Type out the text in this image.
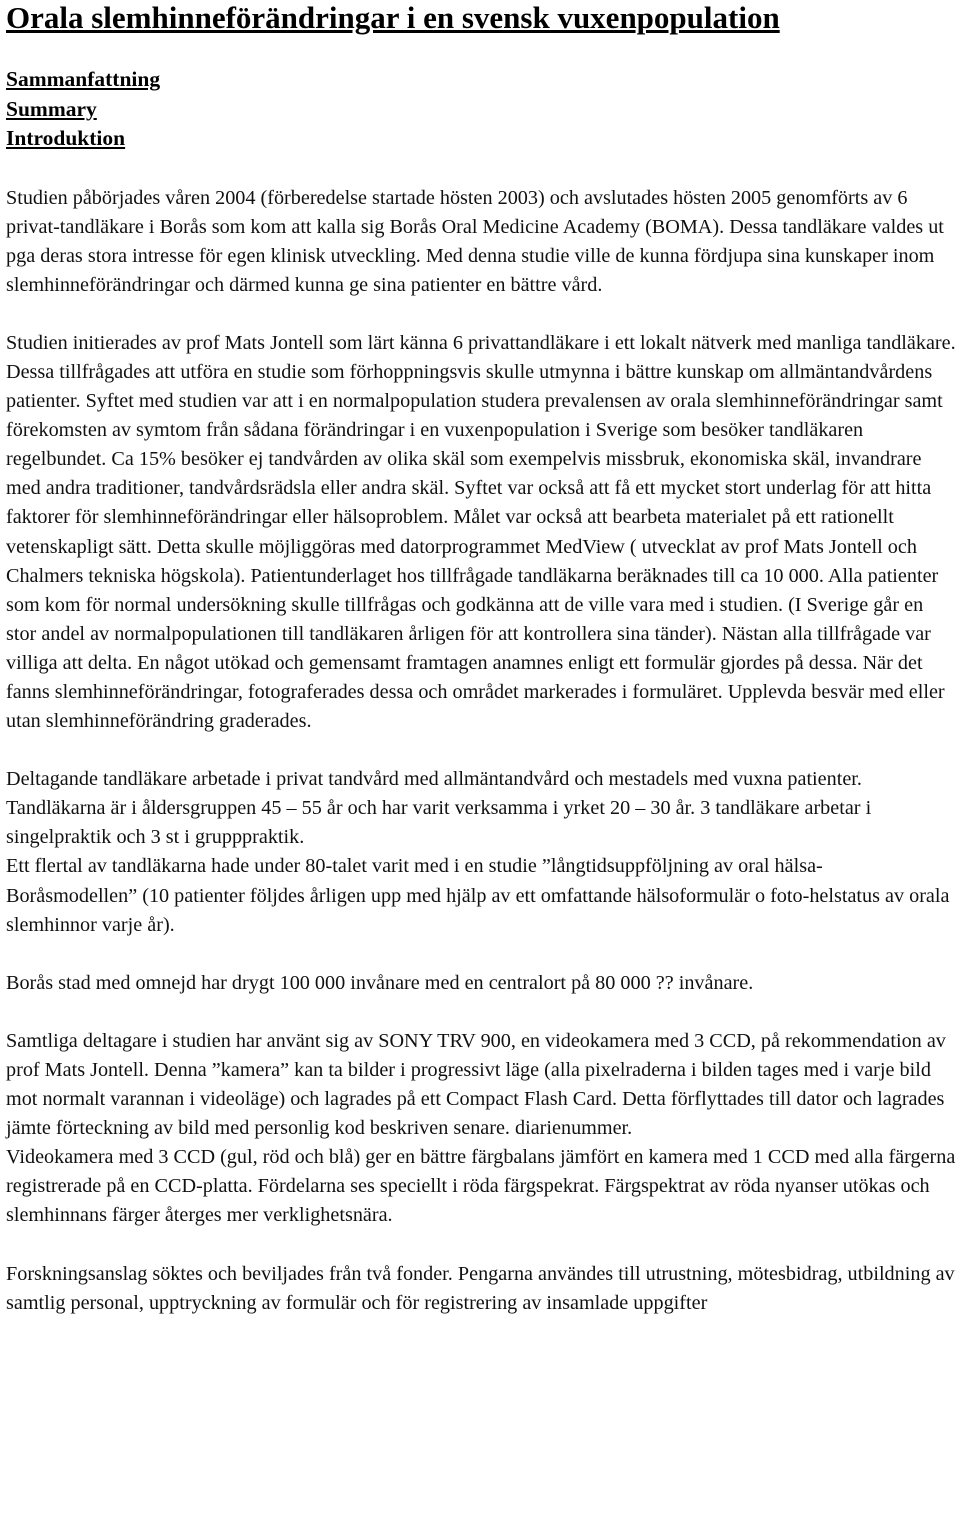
Orala slemhinneförändringar i en svensk vuxenpopulation
Sammanfattning
Summary
Introduktion

Studien påbörjades våren 2004 (förberedelse startade hösten 2003) och avslutades hösten 2005 genomförts av 6 privat-tandläkare i Borås som kom att kalla sig Borås Oral Medicine Academy (BOMA). Dessa tandläkare valdes ut pga deras stora intresse för egen klinisk utveckling. Med denna studie ville de kunna fördjupa sina kunskaper inom slemhinneförändringar och därmed kunna ge sina patienter en bättre vård.

Studien initierades av prof Mats Jontell som lärt känna 6 privattandläkare i ett lokalt nätverk med manliga tandläkare. Dessa tillfrågades att utföra en studie som förhoppningsvis skulle utmynna i bättre kunskap om allmäntandvårdens patienter. Syftet med studien var att i en normalpopulation studera prevalensen av orala slemhinneförändringar samt förekomsten av symtom från sådana förändringar i en vuxenpopulation i Sverige som besöker tandläkaren regelbundet. Ca 15% besöker ej tandvården av olika skäl som exempelvis missbruk, ekonomiska skäl, invandrare med andra traditioner, tandvårdsrädsla eller andra skäl. Syftet var också att få ett mycket stort underlag för att hitta faktorer för slemhinneförändringar eller hälsoproblem. Målet var också att bearbeta materialet på ett rationellt vetenskapligt sätt. Detta skulle möjliggöras med datorprogrammet MedView ( utvecklat av prof Mats Jontell och Chalmers tekniska högskola). Patientunderlaget hos tillfrågade tandläkarna beräknades till ca 10 000. Alla patienter som kom för normal undersökning skulle tillfrågas och godkänna att de ville vara med i studien. (I Sverige går en stor andel av normalpopulationen till tandläkaren årligen för att kontrollera sina tänder). Nästan alla tillfrågade var villiga att delta. En något utökad och gemensamt framtagen anamnes enligt ett formulär gjordes på dessa. När det fanns slemhinneförändringar, fotograferades dessa och området markerades i formuläret. Upplevda besvär med eller utan slemhinneförändring graderades.

Deltagande tandläkare arbetade i privat tandvård med allmäntandvård och mestadels med vuxna patienter. Tandläkarna är i åldersgruppen 45 – 55 år och har varit verksamma i yrket 20 – 30 år. 3 tandläkare arbetar i singelpraktik och 3 st i grupppraktik.

Ett flertal av tandläkarna hade under 80-talet varit med i en studie ”långtidsuppföljning av oral hälsa- Boråsmodellen” (10 patienter följdes årligen upp med hjälp av ett omfattande hälsoformulär o foto-helstatus av orala slemhinnor varje år).

Borås stad med omnejd har drygt 100 000 invånare med en centralort på 80 000 ?? invånare.

Samtliga deltagare i studien har använt sig av SONY TRV 900, en videokamera med 3 CCD, på rekommendation av prof Mats Jontell. Denna ”kamera” kan ta bilder i progressivt läge (alla pixelraderna i bilden tages med i varje bild mot normalt varannan i videoläge) och lagrades på ett Compact Flash Card. Detta förflyttades till dator och lagrades jämte förteckning av bild med personlig kod beskriven senare. diarienummer.

Videokamera med 3 CCD (gul, röd och blå) ger en bättre färgbalans jämfört en kamera med 1 CCD med alla färgerna registrerade på en CCD-platta. Fördelarna ses speciellt i röda färgspekrat. Färgspektrat av röda nyanser utökas och slemhinnans färger återges mer verklighetsnära.

Forskningsanslag söktes och beviljades från två fonder. Pengarna användes till utrustning, mötesbidrag, utbildning av samtlig personal, upptryckning av formulär och för registrering av insamlade uppgifter
